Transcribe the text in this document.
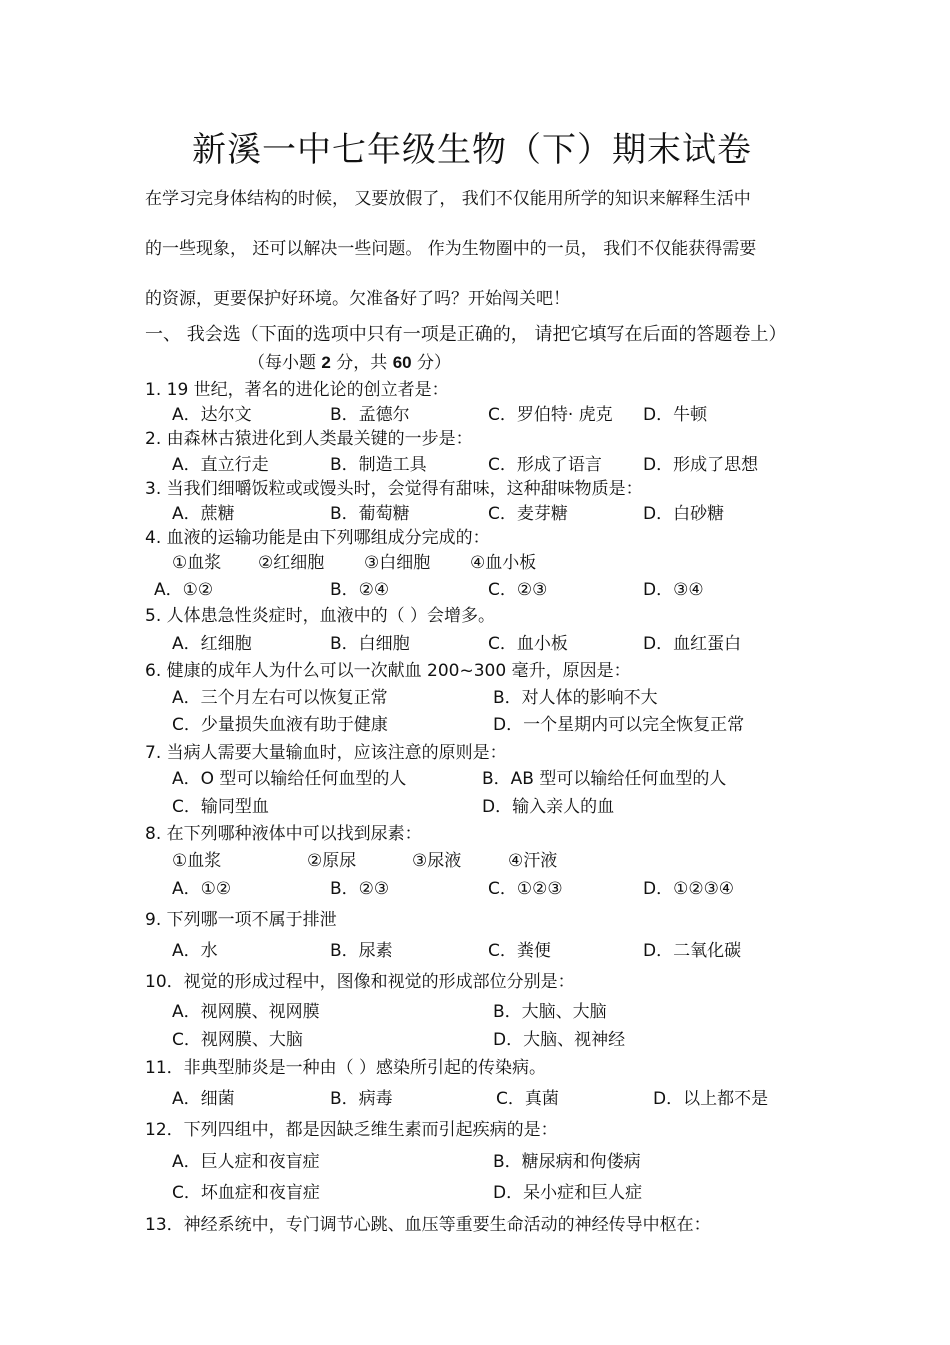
新溪一中七年级生物（下）期末试卷
在学习完身体结构的时候， 又要放假了， 我们不仅能用所学的知识来解释生活中
的一些现象， 还可以解决一些问题。 作为生物圈中的一员， 我们不仅能获得需要
的资源，更要保护好环境。欠准备好了吗？开始闯关吧！
一、 我会选（下面的选项中只有一项是正确的， 请把它填写在后面的答题卷上）
（每小题 2 分，共 60 分）
1. 19 世纪，著名的进化论的创立者是：
A．达尔文	B．孟德尔	C．罗伯特· 虎克 D．牛顿
2. 由森林古猿进化到人类最关键的一步是：
A．直立行走	B．制造工具	C．形成了语言 D．形成了思想
3. 当我们细嚼饭粒或或馒头时，会觉得有甜味，这种甜味物质是：
A．蔗糖	B．葡萄糖	C．麦芽糖	D．白砂糖
4. 血液的运输功能是由下列哪组成分完成的：
①血浆 ②红细胞 ③白细胞 ④血小板
A．①②	B．②④	C．②③	D．③④
5. 人体患急性炎症时，血液中的（ ）会增多。
A．红细胞	B．白细胞	C．血小板	D．血红蛋白
6. 健康的成年人为什么可以一次献血 200~300 毫升，原因是：
A．三个月左右可以恢复正常	B．对人体的影响不大
C．少量损失血液有助于健康	D．一个星期内可以完全恢复正常
7. 当病人需要大量输血时，应该注意的原则是：
A．O 型可以输给任何血型的人	B．AB 型可以输给任何血型的人
C．输同型血	D．输入亲人的血
8. 在下列哪种液体中可以找到尿素：
①血浆	②原尿	③尿液	④汗液
A．①②	B．②③	C．①②③	D．①②③④
9. 下列哪一项不属于排泄
A．水	B．尿素	C．粪便	D．二氧化碳
10．视觉的形成过程中，图像和视觉的形成部位分别是：
A．视网膜、视网膜	B．大脑、大脑
C．视网膜、大脑	D．大脑、视神经
11．非典型肺炎是一种由（ ）感染所引起的传染病。
A．细菌	B．病毒	C．真菌	D．以上都不是
12．下列四组中，都是因缺乏维生素而引起疾病的是：
A．巨人症和夜盲症	B．糖尿病和佝偻病
C．坏血症和夜盲症	D．呆小症和巨人症
13．神经系统中，专门调节心跳、血压等重要生命活动的神经传导中枢在：
